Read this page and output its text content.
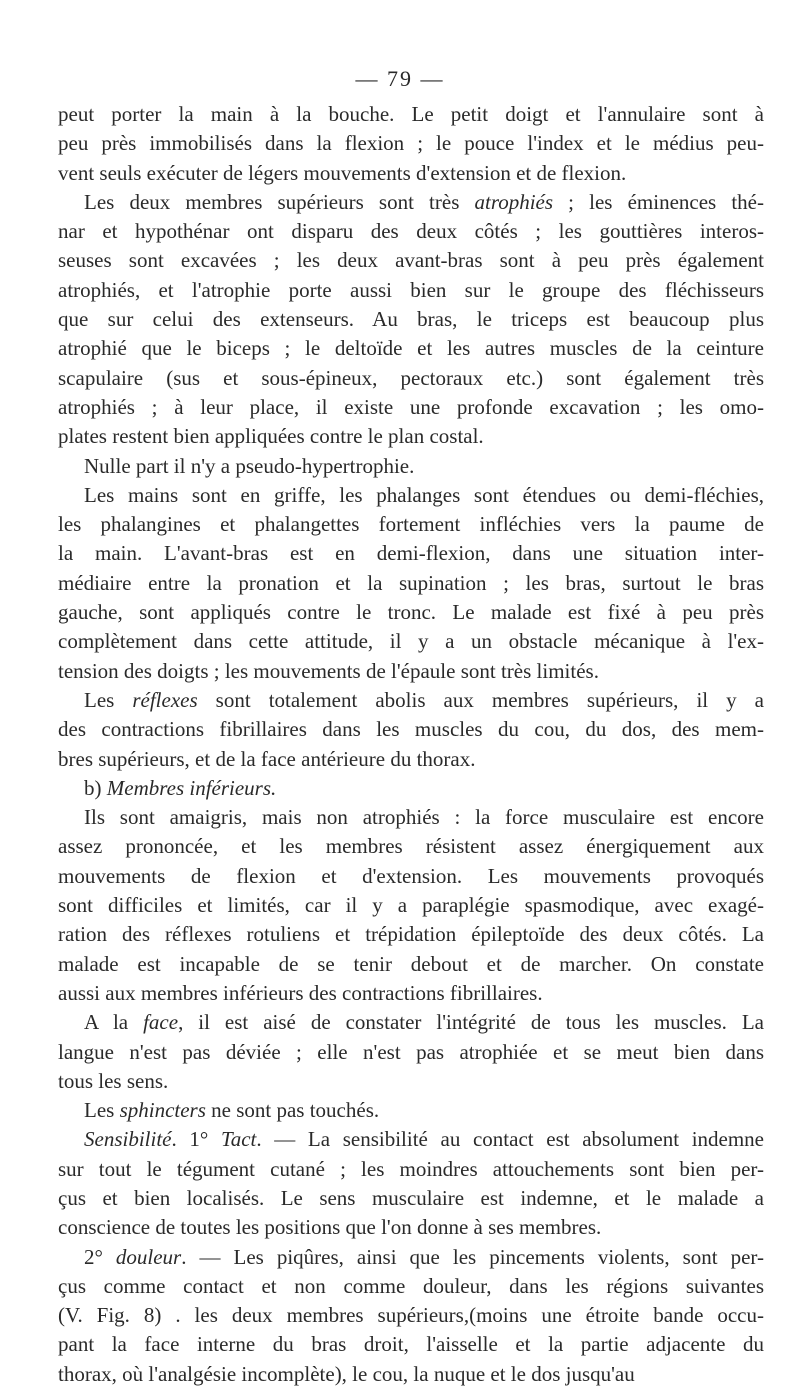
— 79 —
peut porter la main à la bouche. Le petit doigt et l'annulaire sont à
peu près immobilisés dans la flexion ; le pouce l'index et le médius peu-
vent seuls exécuter de légers mouvements d'extension et de flexion.
Les deux membres supérieurs sont très atrophiés ; les éminences thé-
nar et hypothénar ont disparu des deux côtés ; les gouttières interos-
seuses sont excavées ; les deux avant-bras sont à peu près également
atrophiés, et l'atrophie porte aussi bien sur le groupe des fléchisseurs
que sur celui des extenseurs. Au bras, le triceps est beaucoup plus
atrophié que le biceps ; le deltoïde et les autres muscles de la ceinture
scapulaire (sus et sous-épineux, pectoraux etc.) sont également très
atrophiés ; à leur place, il existe une profonde excavation ; les omo-
plates restent bien appliquées contre le plan costal.
Nulle part il n'y a pseudo-hypertrophie.
Les mains sont en griffe, les phalanges sont étendues ou demi-fléchies,
les phalangines et phalangettes fortement infléchies vers la paume de
la main. L'avant-bras est en demi-flexion, dans une situation inter-
médiaire entre la pronation et la supination ; les bras, surtout le bras
gauche, sont appliqués contre le tronc. Le malade est fixé à peu près
complètement dans cette attitude, il y a un obstacle mécanique à l'ex-
tension des doigts ; les mouvements de l'épaule sont très limités.
Les réflexes sont totalement abolis aux membres supérieurs, il y a
des contractions fibrillaires dans les muscles du cou, du dos, des mem-
bres supérieurs, et de la face antérieure du thorax.
b) Membres inférieurs.
Ils sont amaigris, mais non atrophiés : la force musculaire est encore
assez prononcée, et les membres résistent assez énergiquement aux
mouvements de flexion et d'extension. Les mouvements provoqués
sont difficiles et limités, car il y a paraplégie spasmodique, avec exagé-
ration des réflexes rotuliens et trépidation épileptoïde des deux côtés. La
malade est incapable de se tenir debout et de marcher. On constate
aussi aux membres inférieurs des contractions fibrillaires.
A la face, il est aisé de constater l'intégrité de tous les muscles. La
langue n'est pas déviée ; elle n'est pas atrophiée et se meut bien dans
tous les sens.
Les sphincters ne sont pas touchés.
Sensibilité. 1° Tact. — La sensibilité au contact est absolument indemne
sur tout le tégument cutané ; les moindres attouchements sont bien per-
çus et bien localisés. Le sens musculaire est indemne, et le malade a
conscience de toutes les positions que l'on donne à ses membres.
2° douleur. — Les piqûres, ainsi que les pincements violents, sont per-
çus comme contact et non comme douleur, dans les régions suivantes
(V. Fig. 8) . les deux membres supérieurs,(moins une étroite bande occu-
pant la face interne du bras droit, l'aisselle et la partie adjacente du
thorax, où l'analgésie incomplète), le cou, la nuque et le dos jusqu'au
